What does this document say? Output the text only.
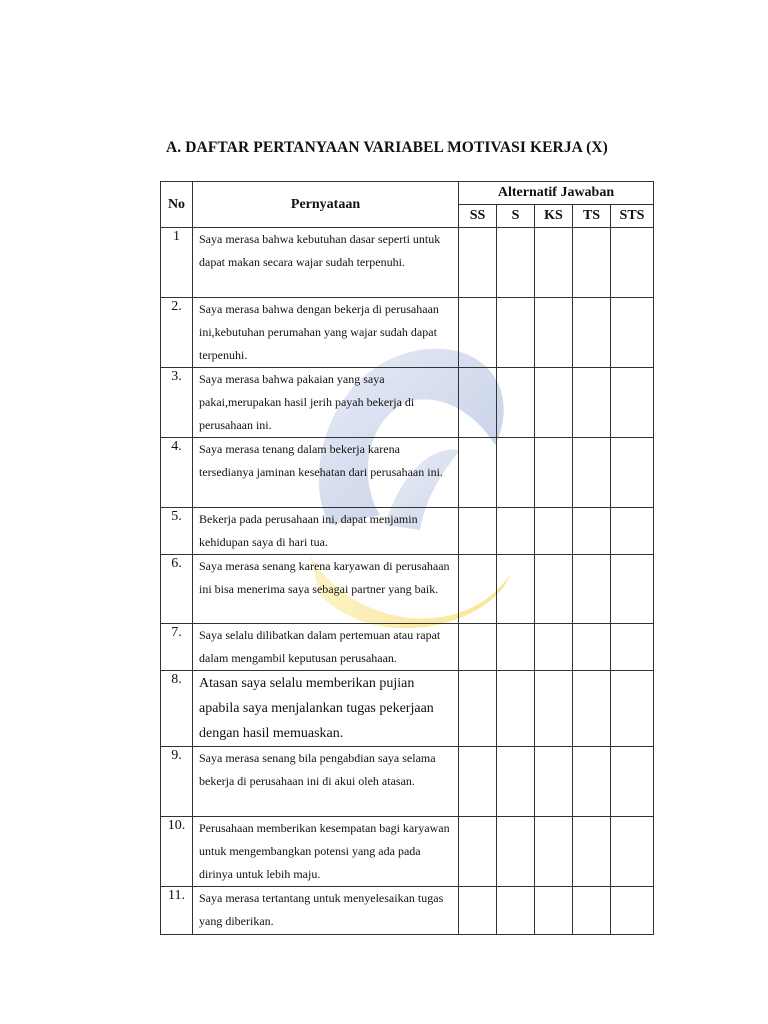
A. DAFTAR PERTANYAAN VARIABEL MOTIVASI KERJA (X)
No	Pernyataan	Alternatif Jawaban				
		SS	S	KS	TS	STS
1	Saya merasa bahwa kebutuhan dasar seperti untuk dapat makan secara wajar sudah terpenuhi.					
2.	Saya merasa bahwa dengan bekerja di perusahaan ini,kebutuhan perumahan yang wajar sudah dapat terpenuhi.					
3.	Saya merasa bahwa pakaian yang saya pakai,merupakan hasil jerih payah bekerja di perusahaan ini.					
4.	Saya merasa tenang dalam bekerja karena tersedianya jaminan kesehatan dari perusahaan ini.					
5.	Bekerja pada perusahaan ini, dapat menjamin kehidupan saya di hari tua.					
6.	Saya merasa senang karena karyawan di perusahaan ini bisa menerima saya sebagai partner yang baik.					
7.	Saya selalu dilibatkan dalam pertemuan atau rapat dalam mengambil keputusan perusahaan.					
8.	Atasan saya selalu memberikan pujian apabila saya menjalankan tugas pekerjaan dengan hasil memuaskan.					
9.	Saya merasa senang bila pengabdian saya selama bekerja di perusahaan ini di akui oleh atasan.					
10.	Perusahaan memberikan kesempatan bagi karyawan untuk mengembangkan potensi yang ada pada dirinya untuk lebih maju.					
11.	Saya merasa tertantang untuk menyelesaikan tugas yang diberikan.					
